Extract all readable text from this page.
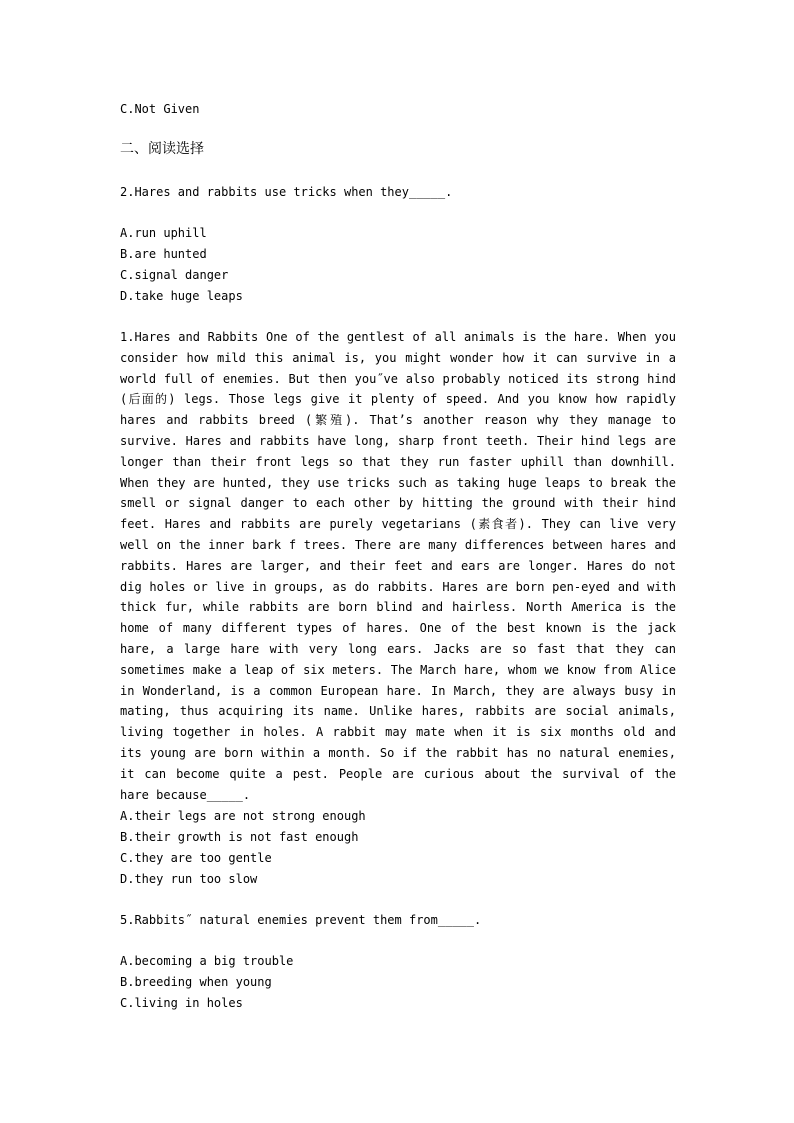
C.Not Given

二、阅读选择

2.Hares and rabbits use tricks when they_____.

A.run uphill

B.are hunted

C.signal danger

D.take huge leaps

1.Hares and Rabbits One of the gentlest of all animals is the hare. When you consider how mild this animal is, you might wonder how it can survive in a world full of enemies. But then you˝ve also probably noticed its strong hind (后面的) legs. Those legs give it plenty of speed. And you know how rapidly hares and rabbits breed (繁殖). That’s another reason why they manage to survive. Hares and rabbits have long, sharp front teeth. Their hind legs are longer than their front legs so that they run faster uphill than downhill. When they are hunted, they use tricks such as taking huge leaps to break the smell or signal danger to each other by hitting the ground with their hind feet. Hares and rabbits are purely vegetarians (素食者). They can live very well on the inner bark f trees. There are many differences between hares and rabbits. Hares are larger, and their feet and ears are longer. Hares do not dig holes or live in groups, as do rabbits. Hares are born pen-eyed and with thick fur, while rabbits are born blind and hairless. North America is the home of many different types of hares. One of the best known is the jack hare, a large hare with very long ears. Jacks are so fast that they can sometimes make a leap of six meters. The March hare, whom we know from Alice in Wonderland, is a common European hare. In March, they are always busy in mating, thus acquiring its name. Unlike hares, rabbits are social animals, living together in holes. A rabbit may mate when it is six months old and its young are born within a month. So if the rabbit has no natural enemies, it can become quite a pest. People are curious about the survival of the hare because_____.

A.their legs are not strong enough

B.their growth is not fast enough

C.they are too gentle

D.they run too slow

5.Rabbits˝ natural enemies prevent them from_____.

A.becoming a big trouble

B.breeding when young

C.living in holes
